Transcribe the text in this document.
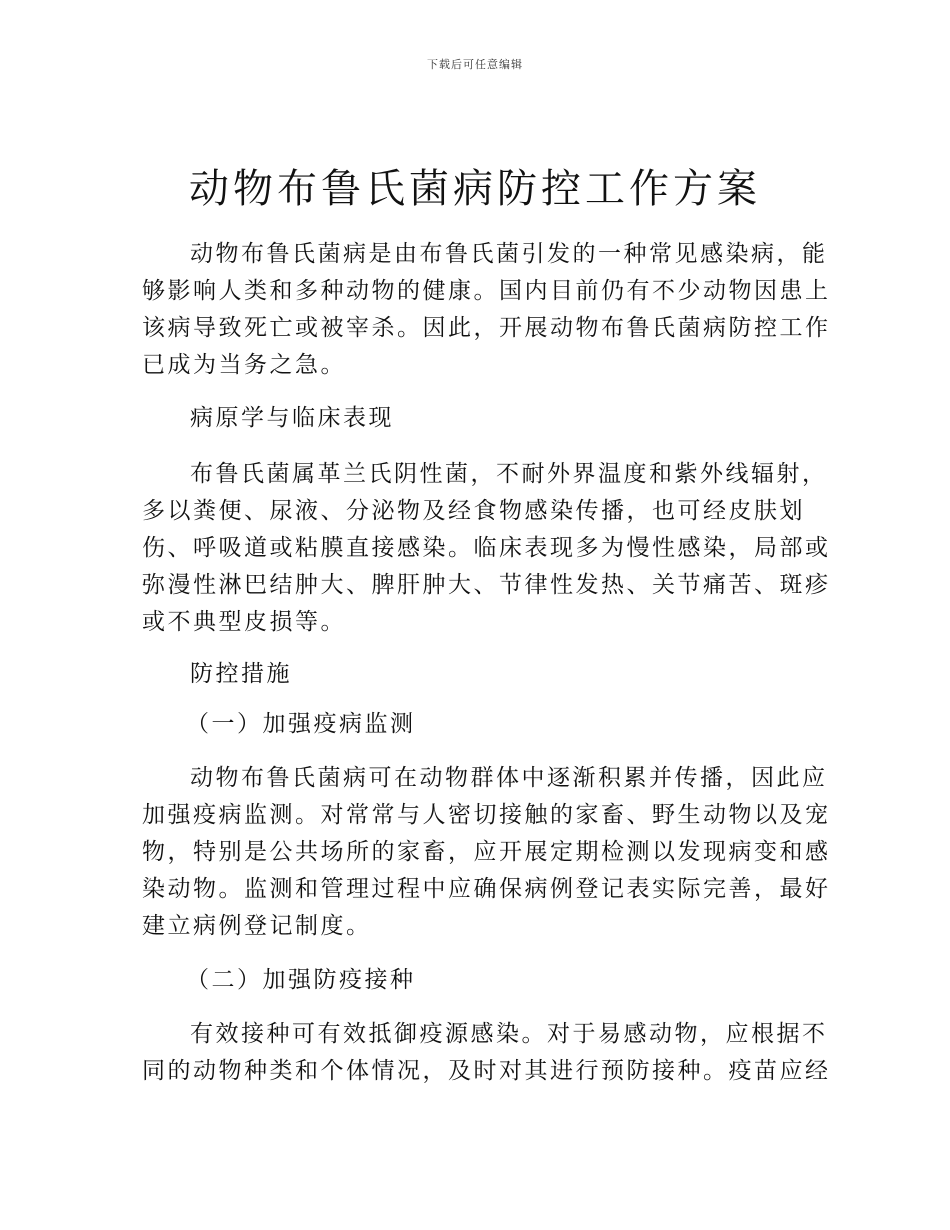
下载后可任意编辑
动物布鲁氏菌病防控工作方案
动物布鲁氏菌病是由布鲁氏菌引发的一种常见感染病，能
够影响人类和多种动物的健康。国内目前仍有不少动物因患上
该病导致死亡或被宰杀。因此，开展动物布鲁氏菌病防控工作
已成为当务之急。
病原学与临床表现
布鲁氏菌属革兰氏阴性菌，不耐外界温度和紫外线辐射，
多以粪便、尿液、分泌物及经食物感染传播，也可经皮肤划
伤、呼吸道或粘膜直接感染。临床表现多为慢性感染，局部或
弥漫性淋巴结肿大、脾肝肿大、节律性发热、关节痛苦、斑疹
或不典型皮损等。
防控措施
（一）加强疫病监测
动物布鲁氏菌病可在动物群体中逐渐积累并传播，因此应
加强疫病监测。对常常与人密切接触的家畜、野生动物以及宠
物，特别是公共场所的家畜，应开展定期检测以发现病变和感
染动物。监测和管理过程中应确保病例登记表实际完善，最好
建立病例登记制度。
（二）加强防疫接种
有效接种可有效抵御疫源感染。对于易感动物，应根据不
同的动物种类和个体情况，及时对其进行预防接种。疫苗应经
